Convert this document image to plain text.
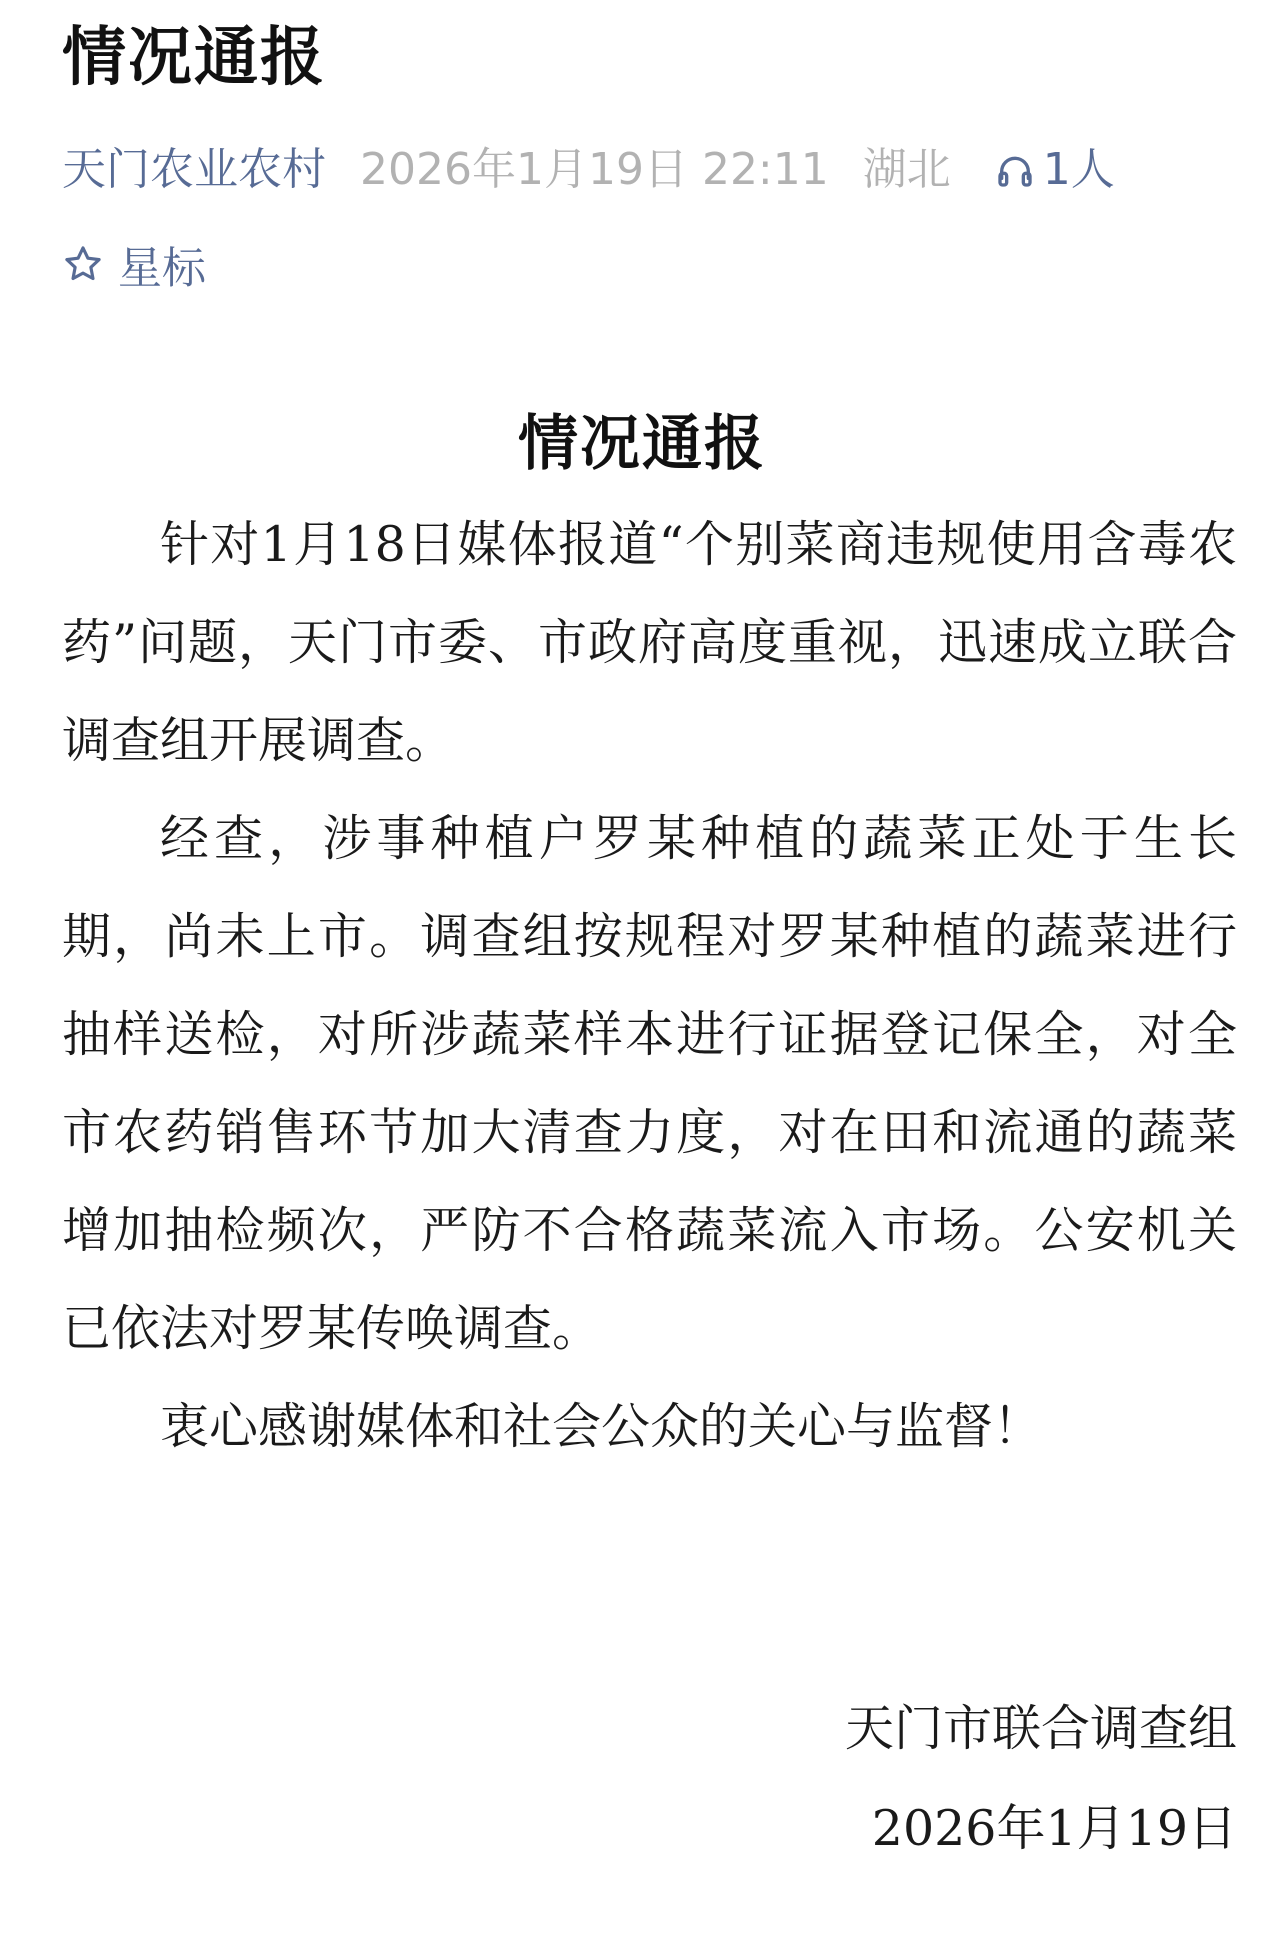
情况通报
天门农业农村 2026年1月19日 22:11 湖北 1人
星标
情况通报

针对1月18日媒体报道“个别菜商违规使用含毒农药”问题，天门市委、市政府高度重视，迅速成立联合调查组开展调查。

经查，涉事种植户罗某种植的蔬菜正处于生长期，尚未上市。调查组按规程对罗某种植的蔬菜进行抽样送检，对所涉蔬菜样本进行证据登记保全，对全市农药销售环节加大清查力度，对在田和流通的蔬菜增加抽检频次，严防不合格蔬菜流入市场。公安机关已依法对罗某传唤调查。

衷心感谢媒体和社会公众的关心与监督！

天门市联合调查组
2026年1月19日
